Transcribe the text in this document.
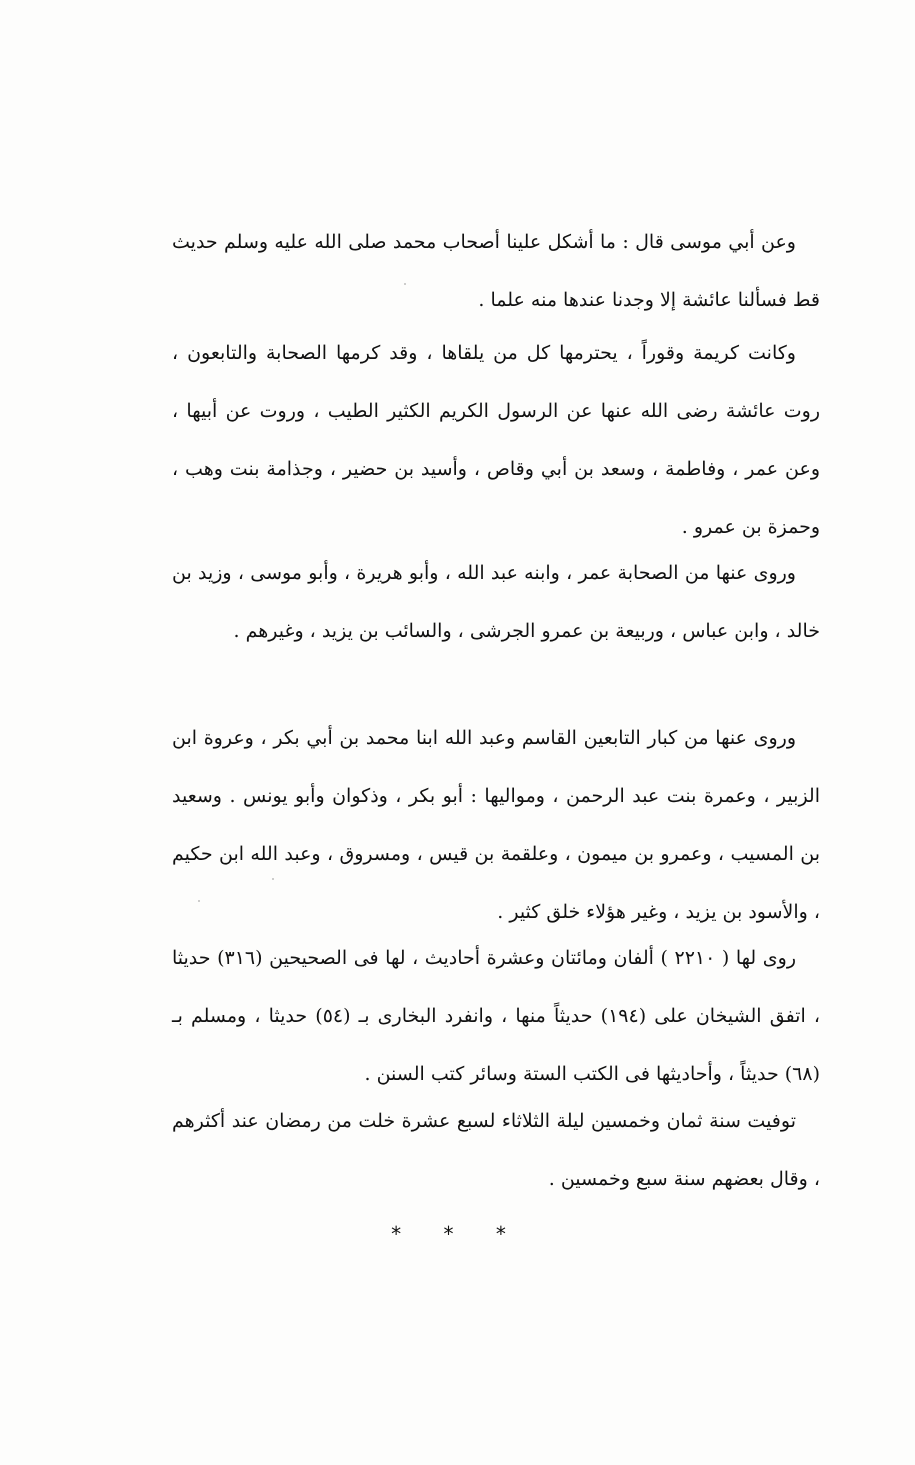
وعن أبي موسى قال : ما أشكل علينا أصحاب محمد صلى الله عليه وسلم حديث قط فسألنا عائشة إلا وجدنا عندها منه علما .

وكانت كريمة وقوراً ، يحترمها كل من يلقاها ، وقد كرمها الصحابة والتابعون ، روت عائشة رضى الله عنها عن الرسول الكريم الكثير الطيب ، وروت عن أبيها ، وعن عمر ، وفاطمة ، وسعد بن أبي وقاص ، وأسيد بن حضير ، وجذامة بنت وهب ، وحمزة بن عمرو .

وروى عنها من الصحابة عمر ، وابنه عبد الله ، وأبو هريرة ، وأبو موسى ، وزيد بن خالد ، وابن عباس ، وربيعة بن عمرو الجرشى ، والسائب بن يزيد ، وغيرهم .

وروى عنها من كبار التابعين القاسم وعبد الله ابنا محمد بن أبي بكر ، وعروة ابن الزبير ، وعمرة بنت عبد الرحمن ، ومواليها : أبو بكر ، وذكوان وأبو يونس . وسعيد بن المسيب ، وعمرو بن ميمون ، وعلقمة بن قيس ، ومسروق ، وعبد الله ابن حكيم ، والأسود بن يزيد ، وغير هؤلاء خلق كثير .

روى لها ( ٢٢١٠ ) ألفان ومائتان وعشرة أحاديث ، لها فى الصحيحين (٣١٦) حديثا ، اتفق الشيخان على (١٩٤) حديثاً منها ، وانفرد البخارى بـ (٥٤) حديثا ، ومسلم بـ (٦٨) حديثاً ، وأحاديثها فى الكتب الستة وسائر كتب السنن .

توفيت سنة ثمان وخمسين ليلة الثلاثاء لسبع عشرة خلت من رمضان عند أكثرهم ، وقال بعضهم سنة سبع وخمسين .

* * *
